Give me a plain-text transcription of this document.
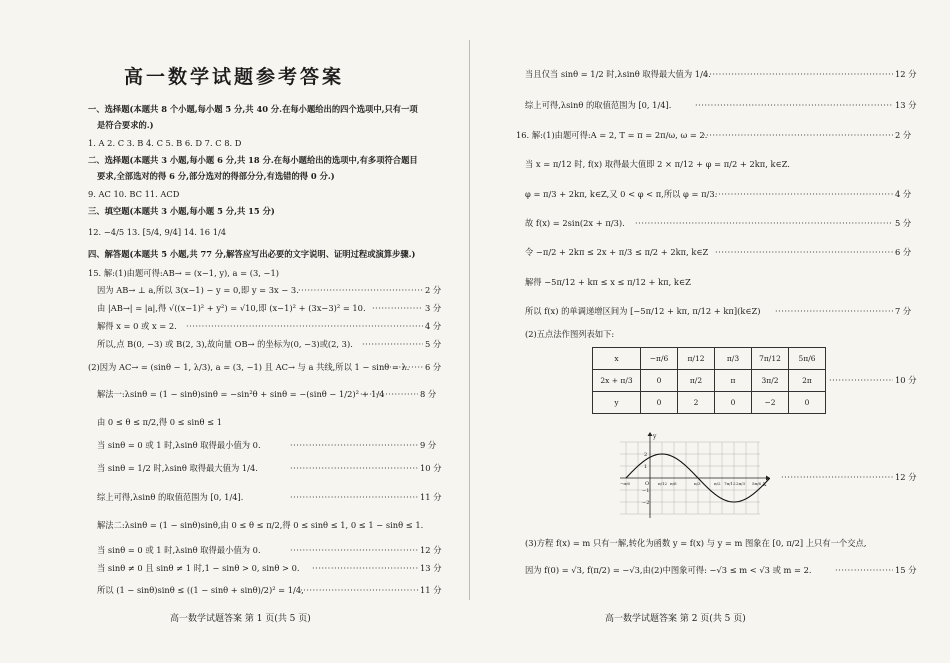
高一数学试题参考答案
一、选择题(本题共 8 个小题,每小题 5 分,共 40 分.在每小题给出的四个选项中,只有一项
是符合要求的.)
1. A 2. C 3. B 4. C 5. B 6. D 7. C 8. D
二、选择题(本题共 3 小题,每小题 6 分,共 18 分.在每小题给出的选项中,有多项符合题目
要求,全部选对的得 6 分,部分选对的得部分分,有选错的得 0 分.)
9. AC 10. BC 11. ACD
三、填空题(本题共 3 小题,每小题 5 分,共 15 分)
12. −4/5 13. [5/4, 9/4] 14. 16 1/4
四、解答题(本题共 5 小题,共 77 分,解答应写出必要的文字说明、证明过程或演算步骤.)
15. 解:(1)由题可得:AB→ = (x−1, y), a = (3, −1)
因为 AB→ ⊥ a,所以 3(x−1) − y = 0,即 y = 3x − 3. ·····	2 分
由 |AB→| = |a|,得 √((x−1)² + y²) = √10,即 (x−1)² + (3x−3)² = 10. ·····	3 分
解得 x = 0 或 x = 2. ·····	4 分
所以,点 B(0, −3) 或 B(2, 3),故向量 OB→ 的坐标为(0, −3)或(2, 3). ·····	5 分
(2)因为 AC→ = (sinθ − 1, λ/3), a = (3, −1) 且 AC→ 与 a 共线,所以 1 − sinθ = λ. ····· 6 分
解法一:λsinθ = (1 − sinθ)sinθ = −sin²θ + sinθ = −(sinθ − 1/2)² + 1/4 ·····	8 分
由 0 ≤ θ ≤ π/2,得 0 ≤ sinθ ≤ 1
当 sinθ = 0 或 1 时,λsinθ 取得最小值为 0. ·····	9 分
当 sinθ = 1/2 时,λsinθ 取得最大值为 1/4. ·····	10 分
综上可得,λsinθ 的取值范围为 [0, 1/4]. ·····	11 分
解法二:λsinθ = (1 − sinθ)sinθ,由 0 ≤ θ ≤ π/2,得 0 ≤ sinθ ≤ 1, 0 ≤ 1 − sinθ ≤ 1.
当 sinθ = 0 或 1 时,λsinθ 取得最小值为 0. ·····	12 分
当 sinθ ≠ 0 且 sinθ ≠ 1 时,1 − sinθ > 0, sinθ > 0. ·····	13 分
所以 (1 − sinθ)sinθ ≤ ((1 − sinθ + sinθ)/2)² = 1/4, ·····	11 分
高一数学试题答案 第 1 页(共 5 页)
当且仅当 sinθ = 1/2 时,λsinθ 取得最大值为 1/4. ·····	12 分
综上可得,λsinθ 的取值范围为 [0, 1/4]. ·····	13 分
16. 解:(1)由题可得:A = 2, T = π = 2π/ω, ω = 2. ·····	2 分
当 x = π/12 时, f(x) 取得最大值即 2 × π/12 + φ = π/2 + 2kπ, k∈Z.
φ = π/3 + 2kπ, k∈Z,又 0 < φ < π,所以 φ = π/3. ·····	4 分
故 f(x) = 2sin(2x + π/3). ·····	5 分
令 −π/2 + 2kπ ≤ 2x + π/3 ≤ π/2 + 2kπ, k∈Z ·····	6 分
解得 −5π/12 + kπ ≤ x ≤ π/12 + kπ, k∈Z
所以 f(x) 的单调递增区间为 [−5π/12 + kπ, π/12 + kπ](k∈Z) ·····	7 分
(2)五点法作图列表如下:
x	−π/6	π/12	π/3	7π/12	5π/6
2x + π/3	0	π/2	π	3π/2	2π
y	0	2	0	−2	0
·····
10 分
y
x
O
2
1
−1
−2
−π/6	π/12 π/6	π/3	π/2 7π/12 2π/3 5π/6
·····
12 分
(3)方程 f(x) = m 只有一解,转化为函数 y = f(x) 与 y = m 图象在 [0, π/2] 上只有一个交点,
因为 f(0) = √3, f(π/2) = −√3,由(2)中图象可得: −√3 ≤ m < √3 或 m = 2. ·····	15 分
高一数学试题答案 第 2 页(共 5 页)
